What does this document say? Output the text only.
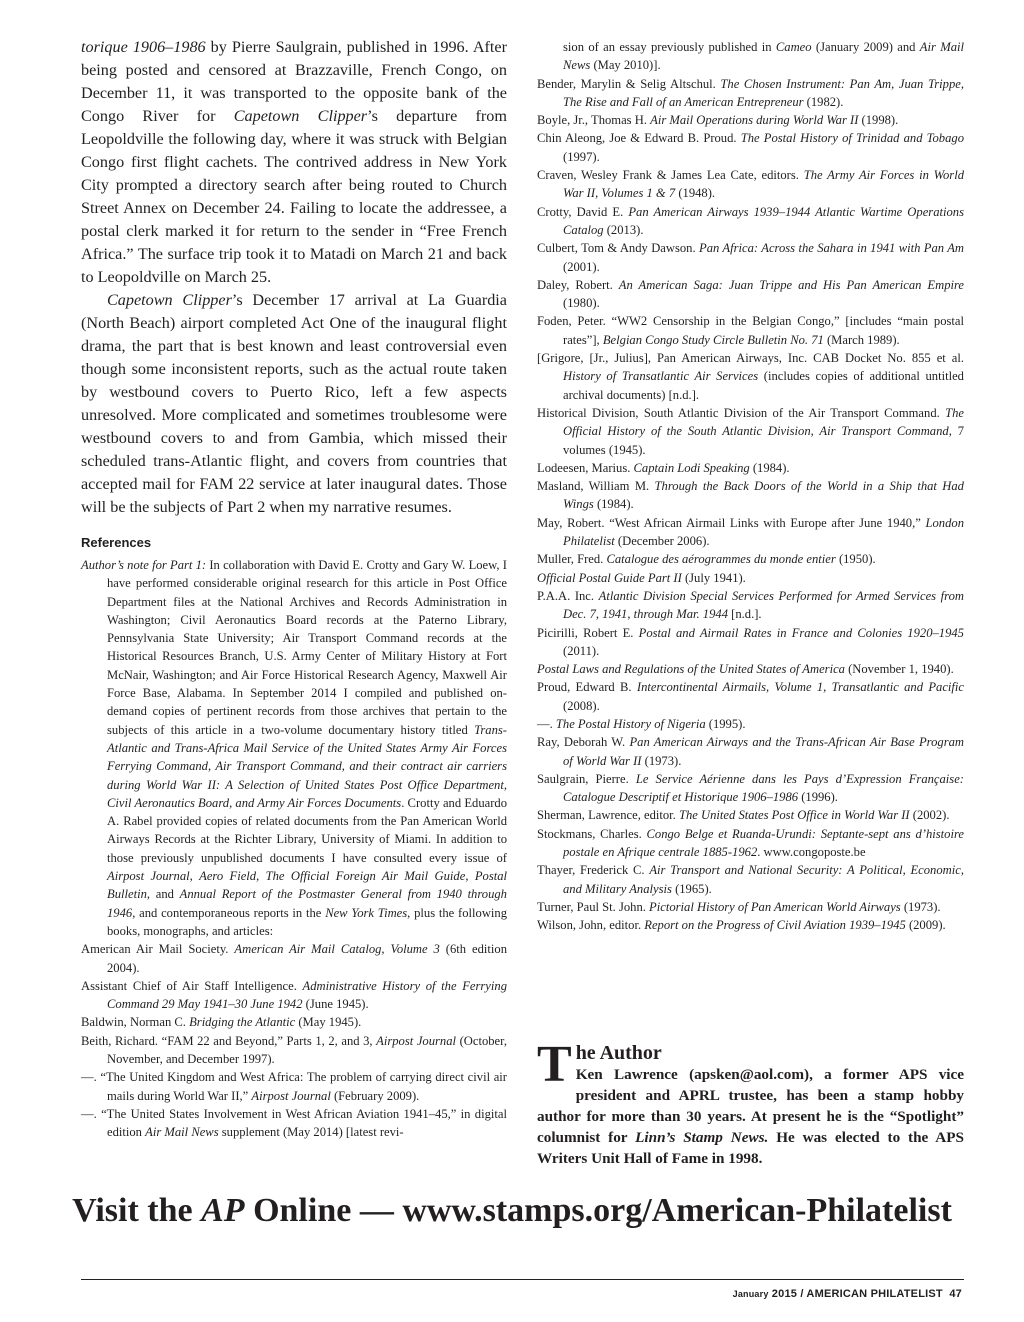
torique 1906–1986 by Pierre Saulgrain, published in 1996. After being posted and censored at Brazzaville, French Congo, on December 11, it was transported to the opposite bank of the Congo River for Capetown Clipper’s departure from Leopoldville the following day, where it was struck with Belgian Congo first flight cachets. The contrived address in New York City prompted a directory search after being routed to Church Street Annex on December 24. Failing to locate the addressee, a postal clerk marked it for return to the sender in “Free French Africa.” The surface trip took it to Matadi on March 21 and back to Leopoldville on March 25.

Capetown Clipper’s December 17 arrival at La Guardia (North Beach) airport completed Act One of the inaugural flight drama, the part that is best known and least controversial even though some inconsistent reports, such as the actual route taken by westbound covers to Puerto Rico, left a few aspects unresolved. More complicated and sometimes troublesome were westbound covers to and from Gambia, which missed their scheduled trans-Atlantic flight, and covers from countries that accepted mail for FAM 22 service at later inaugural dates. Those will be the subjects of Part 2 when my narrative resumes.

References

Author’s note for Part 1: In collaboration with David E. Crotty and Gary W. Loew, I have performed considerable original research for this article in Post Office Department files at the National Archives and Records Administration in Washington; Civil Aeronautics Board records at the Paterno Library, Pennsylvania State University; Air Transport Command records at the Historical Resources Branch, U.S. Army Center of Military History at Fort McNair, Washington; and Air Force Historical Research Agency, Maxwell Air Force Base, Alabama. In September 2014 I compiled and published on-demand copies of pertinent records from those archives that pertain to the subjects of this article in a two-volume documentary history titled Trans-Atlantic and Trans-Africa Mail Service of the United States Army Air Forces Ferrying Command, Air Transport Command, and their contract air carriers during World War II: A Selection of United States Post Office Department, Civil Aeronautics Board, and Army Air Forces Documents. Crotty and Eduardo A. Rabel provided copies of related documents from the Pan American World Airways Records at the Richter Library, University of Miami. In addition to those previously unpublished documents I have consulted every issue of Airpost Journal, Aero Field, The Official Foreign Air Mail Guide, Postal Bulletin, and Annual Report of the Postmaster General from 1940 through 1946, and contemporaneous reports in the New York Times, plus the following books, monographs, and articles:

American Air Mail Society. American Air Mail Catalog, Volume 3 (6th edition 2004).

Assistant Chief of Air Staff Intelligence. Administrative History of the Ferrying Command 29 May 1941–30 June 1942 (June 1945).

Baldwin, Norman C. Bridging the Atlantic (May 1945).

Beith, Richard. “FAM 22 and Beyond,” Parts 1, 2, and 3, Airpost Journal (October, November, and December 1997).

—. “The United Kingdom and West Africa: The problem of carrying direct civil air mails during World War II,” Airpost Journal (February 2009).

—. “The United States Involvement in West African Aviation 1941–45,” in digital edition Air Mail News supplement (May 2014) [latest revi-

sion of an essay previously published in Cameo (January 2009) and Air Mail News (May 2010)].

Bender, Marylin & Selig Altschul. The Chosen Instrument: Pan Am, Juan Trippe, The Rise and Fall of an American Entrepreneur (1982).

Boyle, Jr., Thomas H. Air Mail Operations during World War II (1998).

Chin Aleong, Joe & Edward B. Proud. The Postal History of Trinidad and Tobago (1997).

Craven, Wesley Frank & James Lea Cate, editors. The Army Air Forces in World War II, Volumes 1 & 7 (1948).

Crotty, David E. Pan American Airways 1939–1944 Atlantic Wartime Operations Catalog (2013).

Culbert, Tom & Andy Dawson. Pan Africa: Across the Sahara in 1941 with Pan Am (2001).

Daley, Robert. An American Saga: Juan Trippe and His Pan American Empire (1980).

Foden, Peter. “WW2 Censorship in the Belgian Congo,” [includes “main postal rates”], Belgian Congo Study Circle Bulletin No. 71 (March 1989).

[Grigore, [Jr., Julius], Pan American Airways, Inc. CAB Docket No. 855 et al. History of Transatlantic Air Services (includes copies of additional untitled archival documents) [n.d.].

Historical Division, South Atlantic Division of the Air Transport Command. The Official History of the South Atlantic Division, Air Transport Command, 7 volumes (1945).

Lodeesen, Marius. Captain Lodi Speaking (1984).

Masland, William M. Through the Back Doors of the World in a Ship that Had Wings (1984).

May, Robert. “West African Airmail Links with Europe after June 1940,” London Philatelist (December 2006).

Muller, Fred. Catalogue des aérogrammes du monde entier (1950).

Official Postal Guide Part II (July 1941).

P.A.A. Inc. Atlantic Division Special Services Performed for Armed Services from Dec. 7, 1941, through Mar. 1944 [n.d.].

Picirilli, Robert E. Postal and Airmail Rates in France and Colonies 1920–1945 (2011).

Postal Laws and Regulations of the United States of America (November 1, 1940).

Proud, Edward B. Intercontinental Airmails, Volume 1, Transatlantic and Pacific (2008).

—. The Postal History of Nigeria (1995).

Ray, Deborah W. Pan American Airways and the Trans-African Air Base Program of World War II (1973).

Saulgrain, Pierre. Le Service Aérienne dans les Pays d’Expression Française: Catalogue Descriptif et Historique 1906–1986 (1996).

Sherman, Lawrence, editor. The United States Post Office in World War II (2002).

Stockmans, Charles. Congo Belge et Ruanda-Urundi: Septante-sept ans d’histoire postale en Afrique centrale 1885-1962. www.congoposte.be

Thayer, Frederick C. Air Transport and National Security: A Political, Economic, and Military Analysis (1965).

Turner, Paul St. John. Pictorial History of Pan American World Airways (1973).

Wilson, John, editor. Report on the Progress of Civil Aviation 1939–1945 (2009).

T he Author

Ken Lawrence (apsken@aol.com), a former APS vice president and APRL trustee, has been a stamp hobby author for more than 30 years. At present he is the “Spotlight” columnist for Linn’s Stamp News. He was elected to the APS Writers Unit Hall of Fame in 1998.

Visit the AP Online — www.stamps.org/American-Philatelist
January 2015 / AMERICAN PHILATELIST 47
